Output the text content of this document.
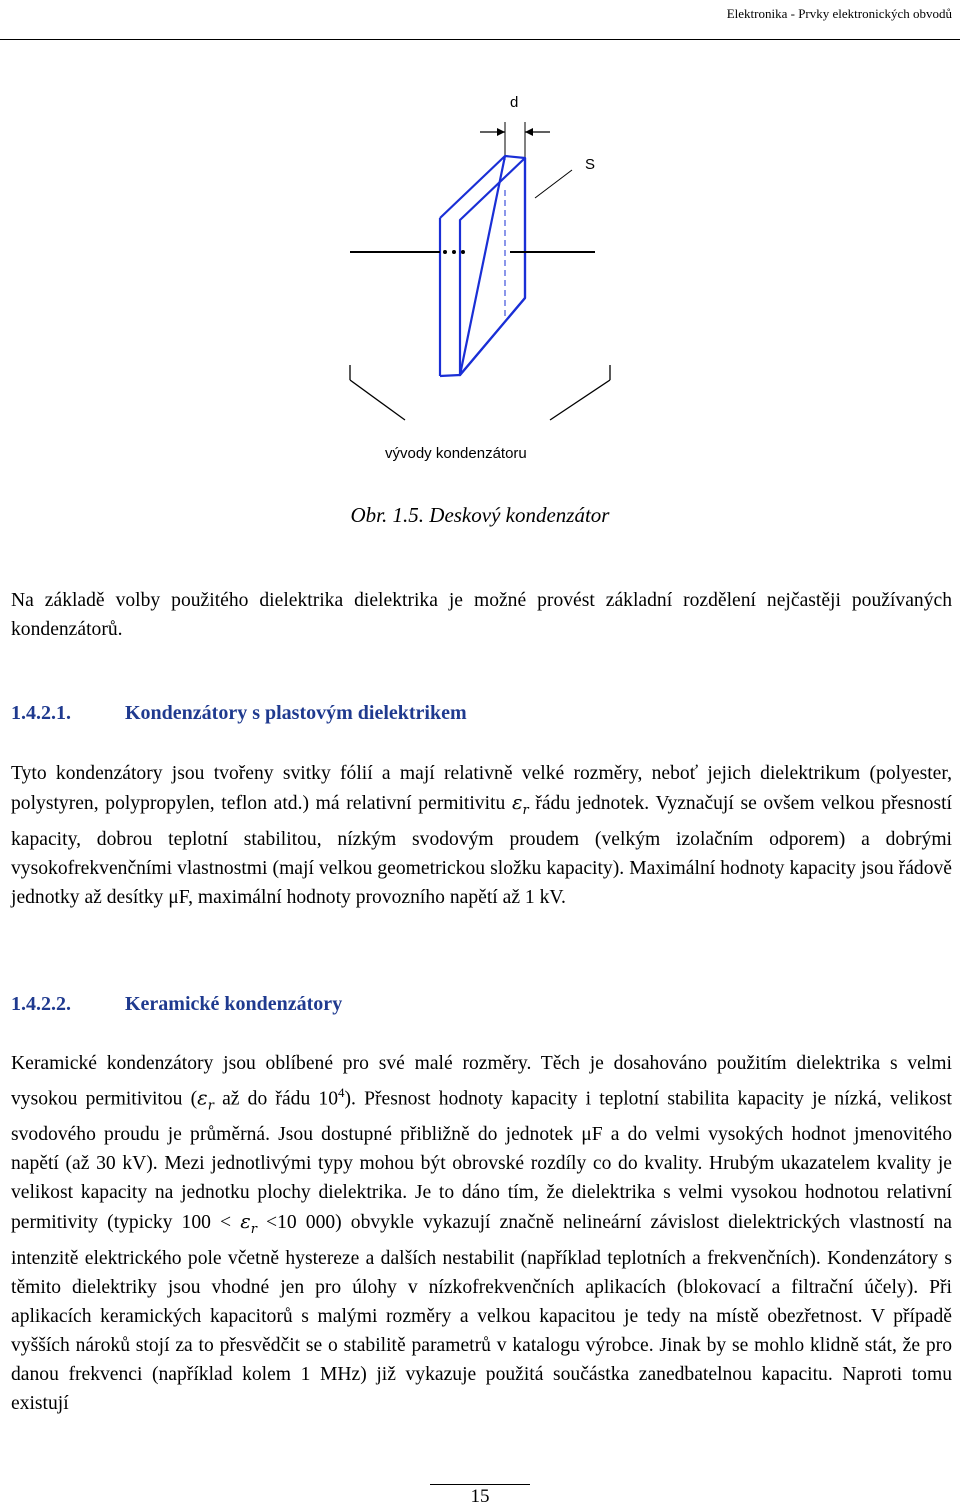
Elektronika - Prvky elektronických obvodů
d
S
vývody kondenzátoru
Obr. 1.5. Deskový kondenzátor
Na základě volby použitého dielektrika dielektrika je možné provést základní rozdělení nejčastěji používaných kondenzátorů.
1.4.2.1.	Kondenzátory s plastovým dielektrikem
Tyto kondenzátory jsou tvořeny svitky fólií a mají relativně velké rozměry, neboť jejich dielektrikum (polyester, polystyren, polypropylen, teflon atd.) má relativní permitivitu $\varepsilon_r$ řádu jednotek. Vyznačují se ovšem velkou přesností kapacity, dobrou teplotní stabilitou, nízkým svodovým proudem (velkým izolačním odporem) a dobrými vysokofrekvenčními vlastnostmi (mají velkou geometrickou složku kapacity). Maximální hodnoty kapacity jsou řádově jednotky až desítky μF, maximální hodnoty provozního napětí až 1 kV.
1.4.2.2.	Keramické kondenzátory
Keramické kondenzátory jsou oblíbené pro své malé rozměry. Těch je dosahováno použitím dielektrika s velmi vysokou permitivitou ($\varepsilon_r$ až do řádu $10^4$). Přesnost hodnoty kapacity i teplotní stabilita kapacity je nízká, velikost svodového proudu je průměrná. Jsou dostupné přibližně do jednotek μF a do velmi vysokých hodnot jmenovitého napětí (až 30 kV). Mezi jednotlivými typy mohou být obrovské rozdíly co do kvality. Hrubým ukazatelem kvality je velikost kapacity na jednotku plochy dielektrika. Je to dáno tím, že dielektrika s velmi vysokou hodnotou relativní permitivity (typicky $100 < \varepsilon_r <10$ 000) obvykle vykazují značně nelineární závislost dielektrických vlastností na intenzitě elektrického pole včetně hystereze a dalších nestabilit (například teplotních a frekvenčních). Kondenzátory s těmito dielektriky jsou vhodné jen pro úlohy v nízkofrekvenčních aplikacích (blokovací a filtrační účely). Při aplikacích keramických kapacitorů s malými rozměry a velkou kapacitou je tedy na místě obezřetnost. V případě vyšších nároků stojí za to přesvědčit se o stabilitě parametrů v katalogu výrobce. Jinak by se mohlo klidně stát, že pro danou frekvenci (například kolem 1 MHz) již vykazuje použitá součástka zanedbatelnou kapacitu. Naproti tomu existují
15
